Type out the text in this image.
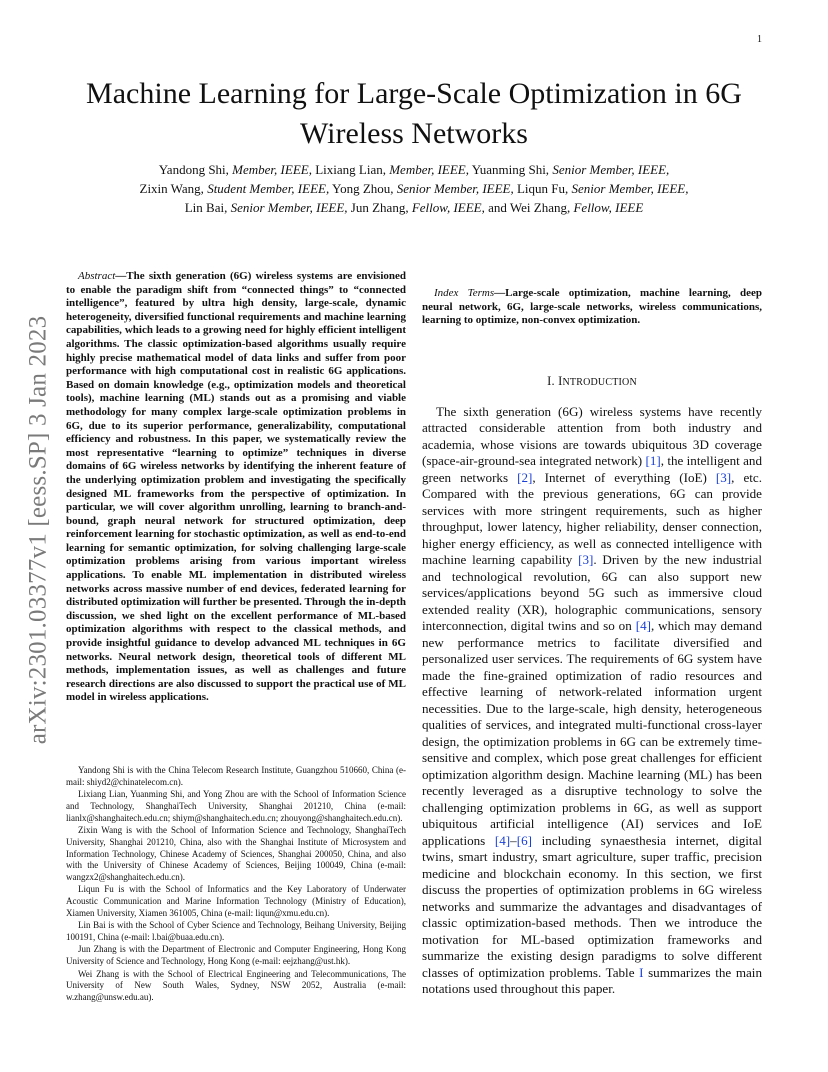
1
arXiv:2301.03377v1 [eess.SP] 3 Jan 2023
Machine Learning for Large-Scale Optimization in 6G Wireless Networks
Yandong Shi, Member, IEEE, Lixiang Lian, Member, IEEE, Yuanming Shi, Senior Member, IEEE,
Zixin Wang, Student Member, IEEE, Yong Zhou, Senior Member, IEEE, Liqun Fu, Senior Member, IEEE,
Lin Bai, Senior Member, IEEE, Jun Zhang, Fellow, IEEE, and Wei Zhang, Fellow, IEEE

Abstract—The sixth generation (6G) wireless systems are envisioned to enable the paradigm shift from “connected things” to “connected intelligence”, featured by ultra high density, large-scale, dynamic heterogeneity, diversified functional requirements and machine learning capabilities, which leads to a growing need for highly efficient intelligent algorithms. The classic optimization-based algorithms usually require highly precise mathematical model of data links and suffer from poor performance with high computational cost in realistic 6G applications. Based on domain knowledge (e.g., optimization models and theoretical tools), machine learning (ML) stands out as a promising and viable methodology for many complex large-scale optimization problems in 6G, due to its superior performance, generalizability, computational efficiency and robustness. In this paper, we systematically review the most representative “learning to optimize” techniques in diverse domains of 6G wireless networks by identifying the inherent feature of the underlying optimization problem and investigating the specifically designed ML frameworks from the perspective of optimization. In particular, we will cover algorithm unrolling, learning to branch-and-bound, graph neural network for structured optimization, deep reinforcement learning for stochastic optimization, as well as end-to-end learning for semantic optimization, for solving challenging large-scale optimization problems arising from various important wireless applications. To enable ML implementation in distributed wireless networks across massive number of end devices, federated learning for distributed optimization will further be presented. Through the in-depth discussion, we shed light on the excellent performance of ML-based optimization algorithms with respect to the classical methods, and provide insightful guidance to develop advanced ML techniques in 6G networks. Neural network design, theoretical tools of different ML methods, implementation issues, as well as challenges and future research directions are also discussed to support the practical use of ML model in wireless applications.

Yandong Shi is with the China Telecom Research Institute, Guangzhou 510660, China (e-mail: shiyd2@chinatelecom.cn).

Lixiang Lian, Yuanming Shi, and Yong Zhou are with the School of Information Science and Technology, ShanghaiTech University, Shanghai 201210, China (e-mail: lianlx@shanghaitech.edu.cn; shiym@shanghaitech.edu.cn; zhouyong@shanghaitech.edu.cn).

Zixin Wang is with the School of Information Science and Technology, ShanghaiTech University, Shanghai 201210, China, also with the Shanghai Institute of Microsystem and Information Technology, Chinese Academy of Sciences, Shanghai 200050, China, and also with the University of Chinese Academy of Sciences, Beijing 100049, China (e-mail: wangzx2@shanghaitech.edu.cn).

Liqun Fu is with the School of Informatics and the Key Laboratory of Underwater Acoustic Communication and Marine Information Technology (Ministry of Education), Xiamen University, Xiamen 361005, China (e-mail: liqun@xmu.edu.cn).

Lin Bai is with the School of Cyber Science and Technology, Beihang University, Beijing 100191, China (e-mail: l.bai@buaa.edu.cn).

Jun Zhang is with the Department of Electronic and Computer Engineering, Hong Kong University of Science and Technology, Hong Kong (e-mail: eejzhang@ust.hk).

Wei Zhang is with the School of Electrical Engineering and Telecommunications, The University of New South Wales, Sydney, NSW 2052, Australia (e-mail: w.zhang@unsw.edu.au).

Index Terms—Large-scale optimization, machine learning, deep neural network, 6G, large-scale networks, wireless communications, learning to optimize, non-convex optimization.

I. INTRODUCTION

The sixth generation (6G) wireless systems have recently attracted considerable attention from both industry and academia, whose visions are towards ubiquitous 3D coverage (space-air-ground-sea integrated network) [1], the intelligent and green networks [2], Internet of everything (IoE) [3], etc. Compared with the previous generations, 6G can provide services with more stringent requirements, such as higher throughput, lower latency, higher reliability, denser connection, higher energy efficiency, as well as connected intelligence with machine learning capability [3]. Driven by the new industrial and technological revolution, 6G can also support new services/applications beyond 5G such as immersive cloud extended reality (XR), holographic communications, sensory interconnection, digital twins and so on [4], which may demand new performance metrics to facilitate diversified and personalized user services. The requirements of 6G system have made the fine-grained optimization of radio resources and effective learning of network-related information urgent necessities. Due to the large-scale, high density, heterogeneous qualities of services, and integrated multi-functional cross-layer design, the optimization problems in 6G can be extremely time-sensitive and complex, which pose great challenges for efficient optimization algorithm design. Machine learning (ML) has been recently leveraged as a disruptive technology to solve the challenging optimization problems in 6G, as well as support ubiquitous artificial intelligence (AI) services and IoE applications [4]–[6] including synaesthesia internet, digital twins, smart industry, smart agriculture, super traffic, precision medicine and blockchain economy. In this section, we first discuss the properties of optimization problems in 6G wireless networks and summarize the advantages and disadvantages of classic optimization-based methods. Then we introduce the motivation for ML-based optimization frameworks and summarize the existing design paradigms to solve different classes of optimization problems. Table I summarizes the main notations used throughout this paper.
